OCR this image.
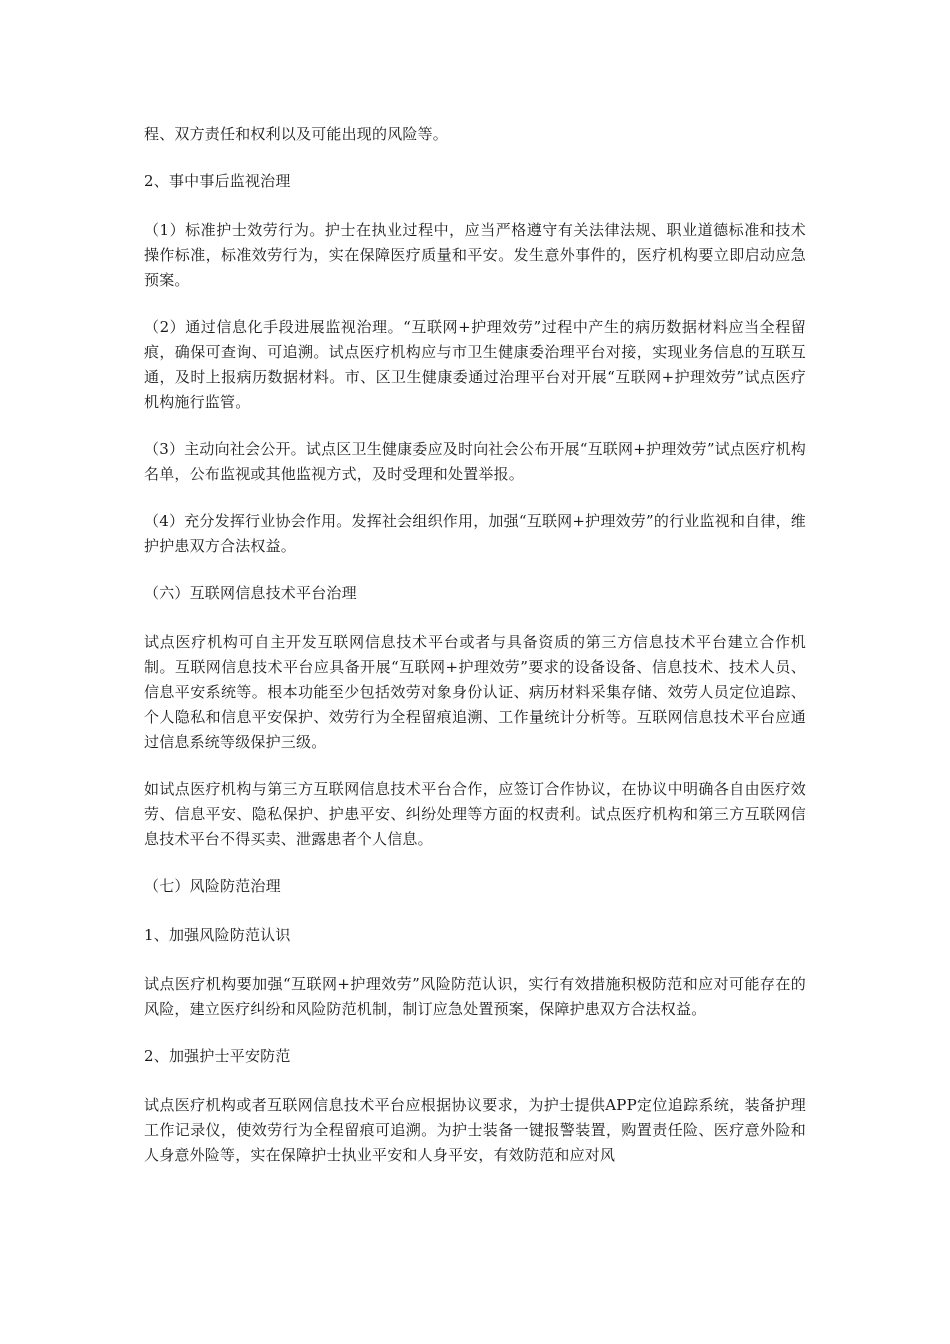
程、双方责任和权利以及可能出现的风险等。

2、事中事后监视治理

（1）标准护士效劳行为。护士在执业过程中，应当严格遵守有关法律法规、职业道德标准和技术操作标准，标准效劳行为，实在保障医疗质量和平安。发生意外事件的，医疗机构要立即启动应急预案。

（2）通过信息化手段进展监视治理。“互联网+护理效劳”过程中产生的病历数据材料应当全程留痕，确保可查询、可追溯。试点医疗机构应与市卫生健康委治理平台对接，实现业务信息的互联互通，及时上报病历数据材料。市、区卫生健康委通过治理平台对开展“互联网+护理效劳”试点医疗机构施行监管。

（3）主动向社会公开。试点区卫生健康委应及时向社会公布开展“互联网+护理效劳”试点医疗机构名单，公布监视或其他监视方式，及时受理和处置举报。

（4）充分发挥行业协会作用。发挥社会组织作用，加强“互联网+护理效劳”的行业监视和自律，维护护患双方合法权益。

（六）互联网信息技术平台治理

试点医疗机构可自主开发互联网信息技术平台或者与具备资质的第三方信息技术平台建立合作机制。互联网信息技术平台应具备开展“互联网+护理效劳”要求的设备设备、信息技术、技术人员、信息平安系统等。根本功能至少包括效劳对象身份认证、病历材料采集存储、效劳人员定位追踪、个人隐私和信息平安保护、效劳行为全程留痕追溯、工作量统计分析等。互联网信息技术平台应通过信息系统等级保护三级。

如试点医疗机构与第三方互联网信息技术平台合作，应签订合作协议，在协议中明确各自由医疗效劳、信息平安、隐私保护、护患平安、纠纷处理等方面的权责利。试点医疗机构和第三方互联网信息技术平台不得买卖、泄露患者个人信息。

（七）风险防范治理

1、加强风险防范认识

试点医疗机构要加强“互联网+护理效劳”风险防范认识，实行有效措施积极防范和应对可能存在的风险，建立医疗纠纷和风险防范机制，制订应急处置预案，保障护患双方合法权益。

2、加强护士平安防范

试点医疗机构或者互联网信息技术平台应根据协议要求，为护士提供APP定位追踪系统，装备护理工作记录仪，使效劳行为全程留痕可追溯。为护士装备一键报警装置，购置责任险、医疗意外险和人身意外险等，实在保障护士执业平安和人身平安，有效防范和应对风
